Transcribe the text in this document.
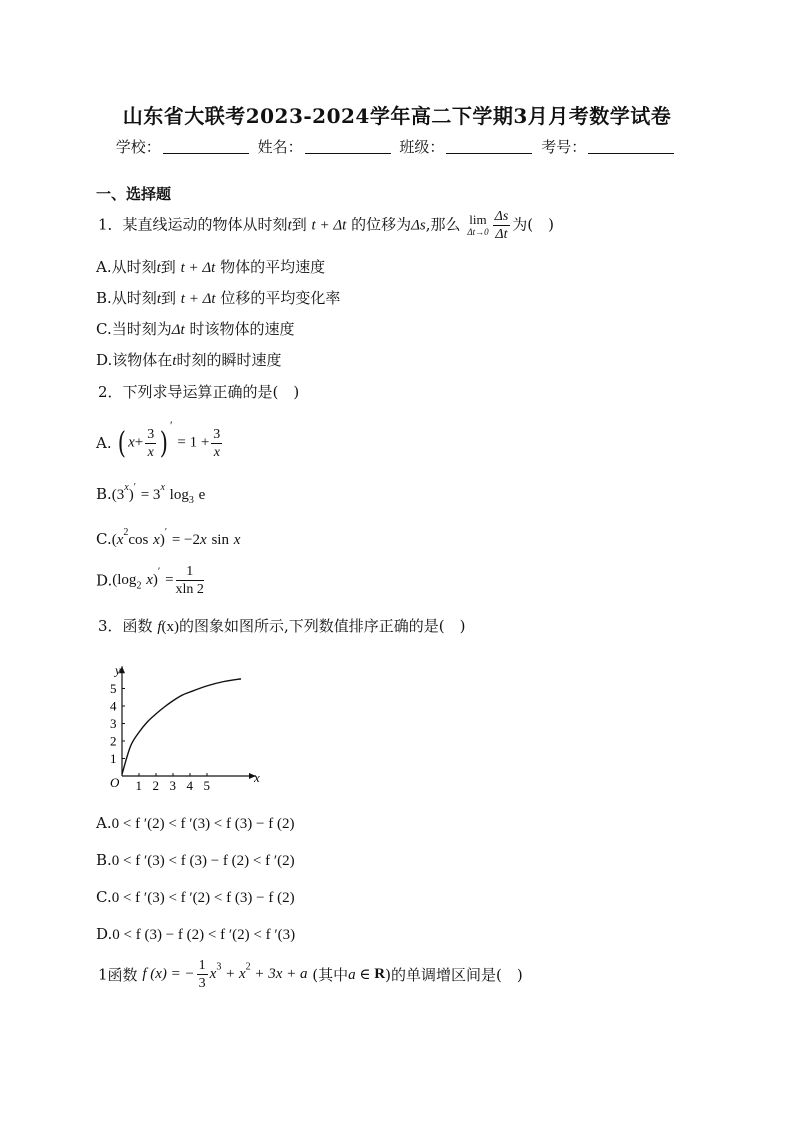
山东省大联考2023-2024学年高二下学期3月月考数学试卷
学校：	姓名：	班级：	考号：
一、选择题
1．某直线运动的物体从时刻t到 t + Δt 的位移为Δs,那么 lim
$\Delta t\to 0 \frac{\Delta s}{\Delta t}$ 为(　)
A.从时刻t到 t + Δt 物体的平均速度
B.从时刻t到 t + Δt 位移的平均变化率
C.当时刻为Δt 时该物体的速度
D.该物体在t时刻的瞬时速度
2．下列求导运算正确的是(　)
A. ( $x+ \frac{3}{x} )' = 1 + \frac{3}{x}$
$B.(3^x)' = 3^x$ $\log_3 e$
$C.(x^2\cos$ x)′ = −2x sin x
$D.(\log_2$ $x)' = \frac{1}{xln 2}$
3．函数 f(x)的图象如图所示,下列数值排序正确的是(　)
x
y
O 1 2 3 4 5
1
2
3
4
5
A.0 < f ′(2) < f ′(3) < f (3) − f (2)
B.0 < f ′(3) < f (3) − f (2) < f ′(2)
C.0 < f ′(3) < f ′(2) < f (3) − f (2)
D.0 < f (3) − f (2) < f ′(2) < f ′(3)
1函数 f (x) = − $\frac{1}{3} x^3 + x^2 + 3x + a$ (其中a ∈ R)的单调增区间是(　)
